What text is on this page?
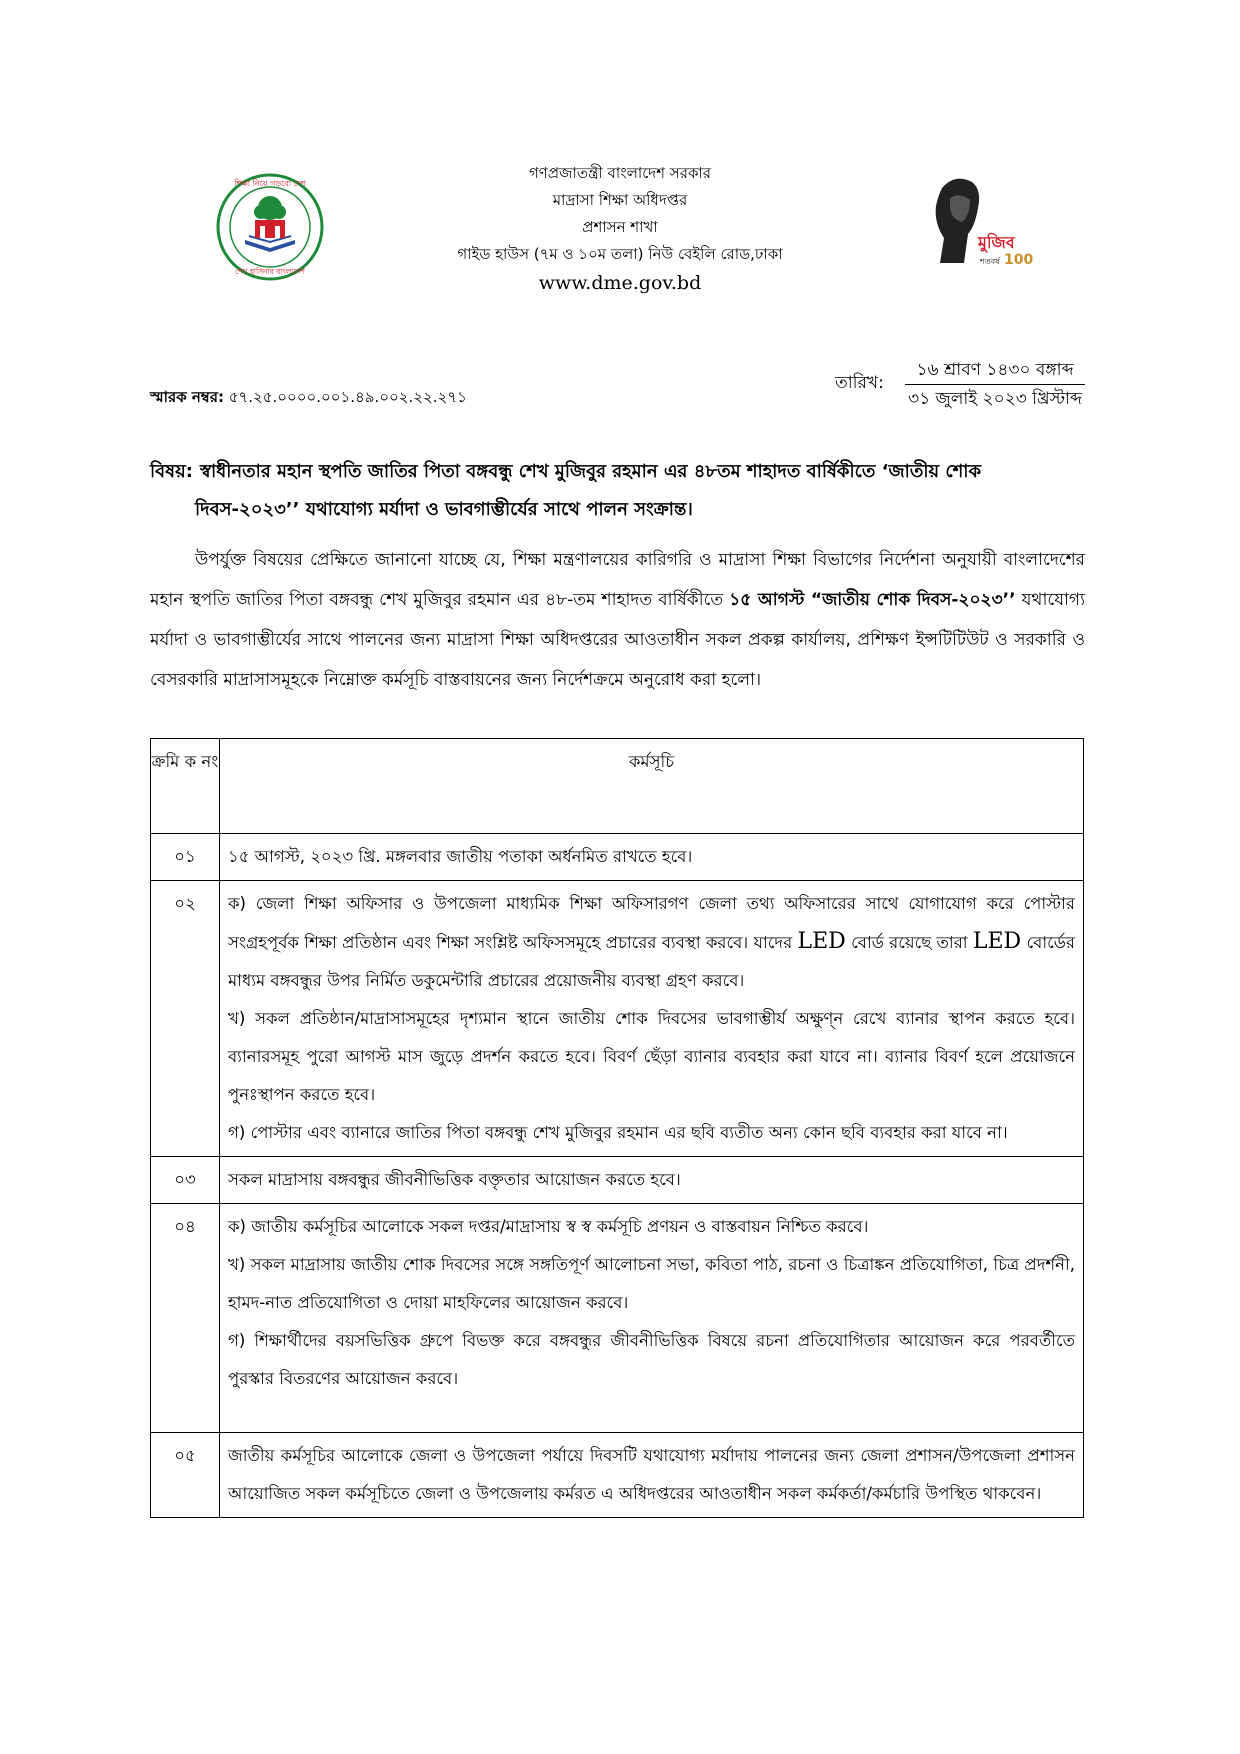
শিক্ষা নিয়ে গড়বো দেশ
শেখ হাসিনার বাংলাদেশ
গণপ্রজাতন্ত্রী বাংলাদেশ সরকার
মাদ্রাসা শিক্ষা অধিদপ্তর
প্রশাসন শাখা
গাইড হাউস (৭ম ও ১০ম তলা) নিউ বেইলি রোড,ঢাকা
www.dme.gov.bd
মুজিব
শতবর্ষ 100
স্মারক নম্বর: ৫৭.২৫.০০০০.০০১.৪৯.০০২.২২.২৭১
তারিখ:
১৬ শ্রাবণ ১৪৩০ বঙ্গাব্দ
৩১ জুলাই ২০২৩ খ্রিস্টাব্দ
বিষয়: স্বাধীনতার মহান স্থপতি জাতির পিতা বঙ্গবন্ধু শেখ মুজিবুর রহমান এর ৪৮তম শাহাদত বার্ষিকীতে ‘জাতীয় শোক
দিবস-২০২৩’’ যথাযোগ্য মর্যাদা ও ভাবগাম্ভীর্যের সাথে পালন সংক্রান্ত।
উপর্যুক্ত বিষয়ের প্রেক্ষিতে জানানো যাচ্ছে যে, শিক্ষা মন্ত্রণালয়ের কারিগরি ও মাদ্রাসা শিক্ষা বিভাগের নির্দেশনা অনুযায়ী বাংলাদেশের মহান স্থপতি জাতির পিতা বঙ্গবন্ধু শেখ মুজিবুর রহমান এর ৪৮-তম শাহাদত বার্ষিকীতে ১৫ আগস্ট “জাতীয় শোক দিবস-২০২৩’’ যথাযোগ্য মর্যাদা ও ভাবগাম্ভীর্যের সাথে পালনের জন্য মাদ্রাসা শিক্ষা অধিদপ্তরের আওতাধীন সকল প্রকল্প কার্যালয়, প্রশিক্ষণ ইন্সটিটিউট ও সরকারি ও বেসরকারি মাদ্রাসাসমূহকে নিম্নোক্ত কর্মসূচি বাস্তবায়নের জন্য নির্দেশক্রমে অনুরোধ করা হলো।
ক্রমি ক নং	কর্মসূচি
০১	১৫ আগস্ট, ২০২৩ খ্রি. মঙ্গলবার জাতীয় পতাকা অর্ধনমিত রাখতে হবে।

০২	ক) জেলা শিক্ষা অফিসার ও উপজেলা মাধ্যমিক শিক্ষা অফিসারগণ জেলা তথ্য অফিসারের সাথে যোগাযোগ করে পোস্টার সংগ্রহপূর্বক শিক্ষা প্রতিষ্ঠান এবং শিক্ষা সংশ্লিষ্ট অফিসসমূহে প্রচারের ব্যবস্থা করবে। যাদের LED বোর্ড রয়েছে তারা LED বোর্ডের মাধ্যম বঙ্গবন্ধুর উপর নির্মিত ডকুমেন্টারি প্রচারের প্রয়োজনীয় ব্যবস্থা গ্রহণ করবে।

খ) সকল প্রতিষ্ঠান/মাদ্রাসাসমূহের দৃশ্যমান স্থানে জাতীয় শোক দিবসের ভাবগাম্ভীর্য অক্ষুণ্ন রেখে ব্যানার স্থাপন করতে হবে। ব্যানারসমূহ পুরো আগস্ট মাস জুড়ে প্রদর্শন করতে হবে। বিবর্ণ ছেঁড়া ব্যানার ব্যবহার করা যাবে না। ব্যানার বিবর্ণ হলে প্রয়োজনে পুনঃস্থাপন করতে হবে।

গ) পোস্টার এবং ব্যানারে জাতির পিতা বঙ্গবন্ধু শেখ মুজিবুর রহমান এর ছবি ব্যতীত অন্য কোন ছবি ব্যবহার করা যাবে না।

০৩	সকল মাদ্রাসায় বঙ্গবন্ধুর জীবনীভিত্তিক বক্তৃতার আয়োজন করতে হবে।

০৪	ক) জাতীয় কর্মসূচির আলোকে সকল দপ্তর/মাদ্রাসায় স্ব স্ব কর্মসূচি প্রণয়ন ও বাস্তবায়ন নিশ্চিত করবে।

খ) সকল মাদ্রাসায় জাতীয় শোক দিবসের সঙ্গে সঙ্গতিপূর্ণ আলোচনা সভা, কবিতা পাঠ, রচনা ও চিত্রাঙ্কন প্রতিযোগিতা, চিত্র প্রদর্শনী, হামদ-নাত প্রতিযোগিতা ও দোয়া মাহফিলের আয়োজন করবে।

গ) শিক্ষার্থীদের বয়সভিত্তিক গ্রুপে বিভক্ত করে বঙ্গবন্ধুর জীবনীভিত্তিক বিষয়ে রচনা প্রতিযোগিতার আয়োজন করে পরবর্তীতে পুরস্কার বিতরণের আয়োজন করবে।

০৫	জাতীয় কর্মসূচির আলোকে জেলা ও উপজেলা পর্যায়ে দিবসটি যথাযোগ্য মর্যাদায় পালনের জন্য জেলা প্রশাসন/উপজেলা প্রশাসন আয়োজিত সকল কর্মসূচিতে জেলা ও উপজেলায় কর্মরত এ অধিদপ্তরের আওতাধীন সকল কর্মকর্তা/কর্মচারি উপস্থিত থাকবেন।
